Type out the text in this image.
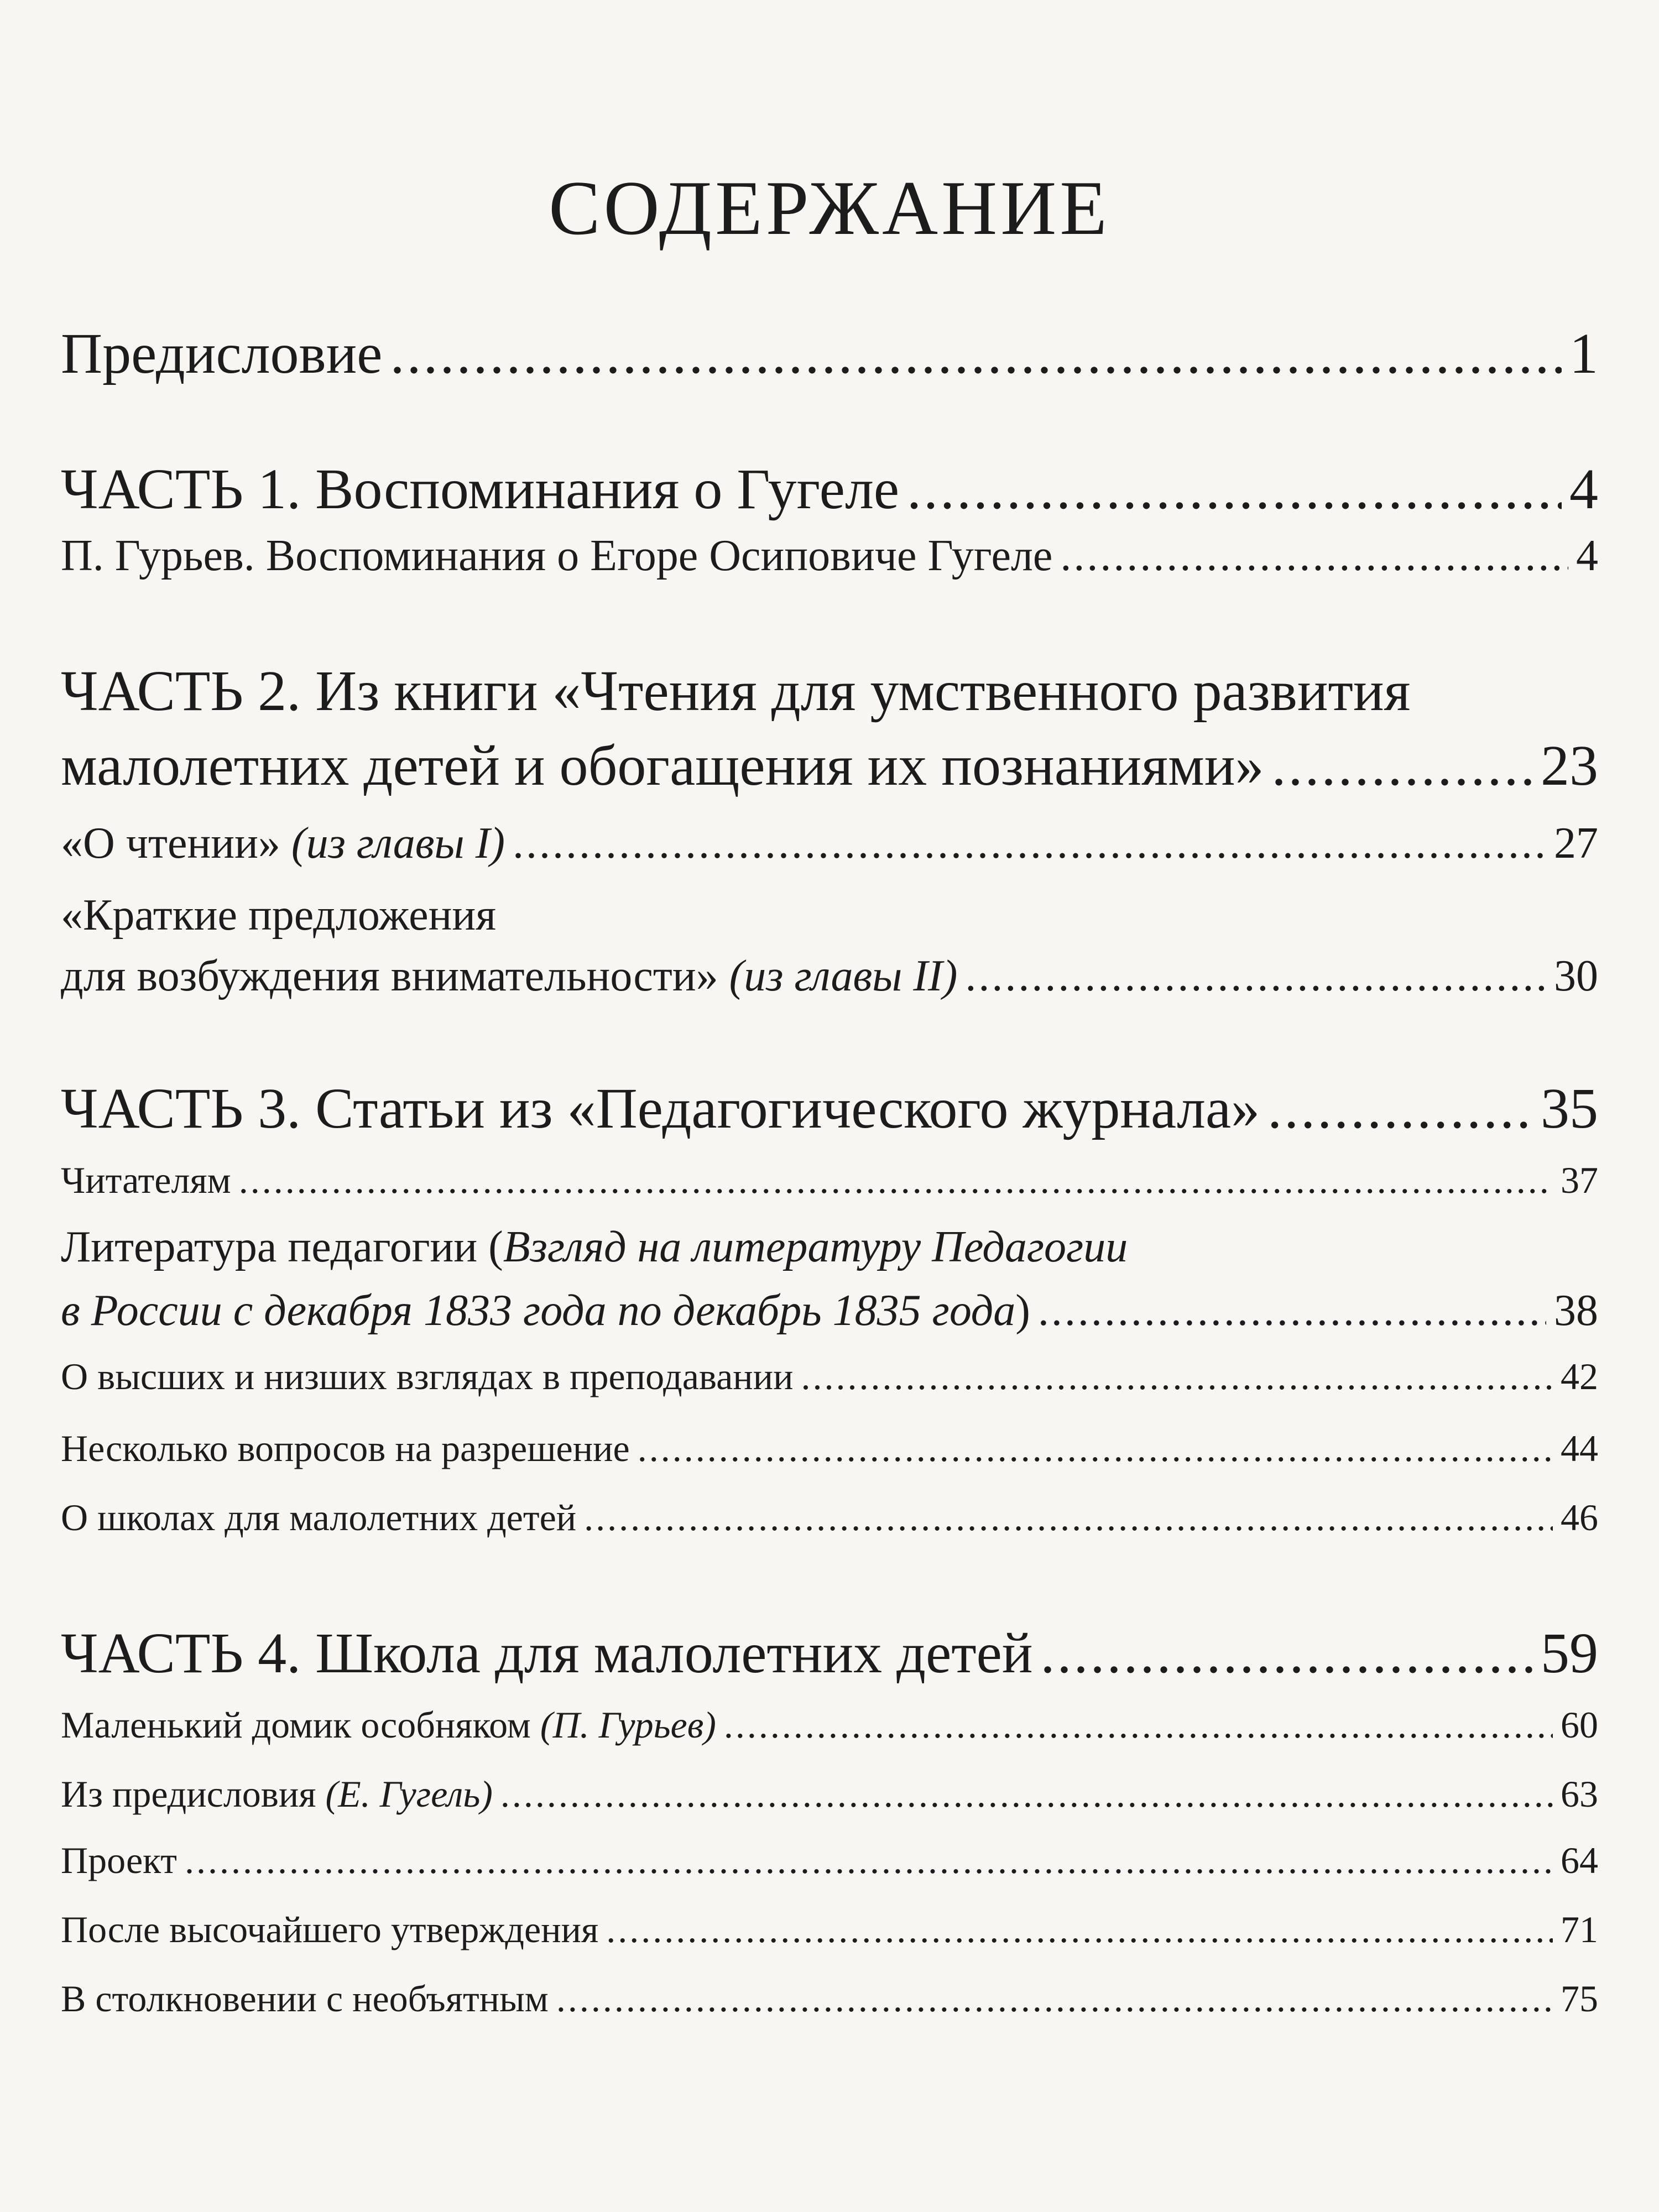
СОДЕРЖАНИЕ
Предисловие .....	1
ЧАСТЬ 1. Воспоминания о Гугеле .....	4
П. Гурьев. Воспоминания о Егоре Осиповиче Гугеле .....	4
ЧАСТЬ 2. Из книги «Чтения для умственного развития
малолетних детей и обогащения их познаниями» .....	23
«О чтении» (из главы I) .....	27
«Краткие предложения
для возбуждения внимательности» (из главы II) .....	30
ЧАСТЬ 3. Статьи из «Педагогического журнала» .....	35
Читателям .....	37
Литература педагогии (Взгляд на литературу Педагогии
в России с декабря 1833 года по декабрь 1835 года) .....	38
О высших и низших взглядах в преподавании .....	42
Несколько вопросов на разрешение .....	44
О школах для малолетних детей .....	46
ЧАСТЬ 4. Школа для малолетних детей .....	59
Маленький домик особняком (П. Гурьев) .....	60
Из предисловия (Е. Гугель) .....	63
Проект .....	64
После высочайшего утверждения .....	71
В столкновении с необъятным .....	75
